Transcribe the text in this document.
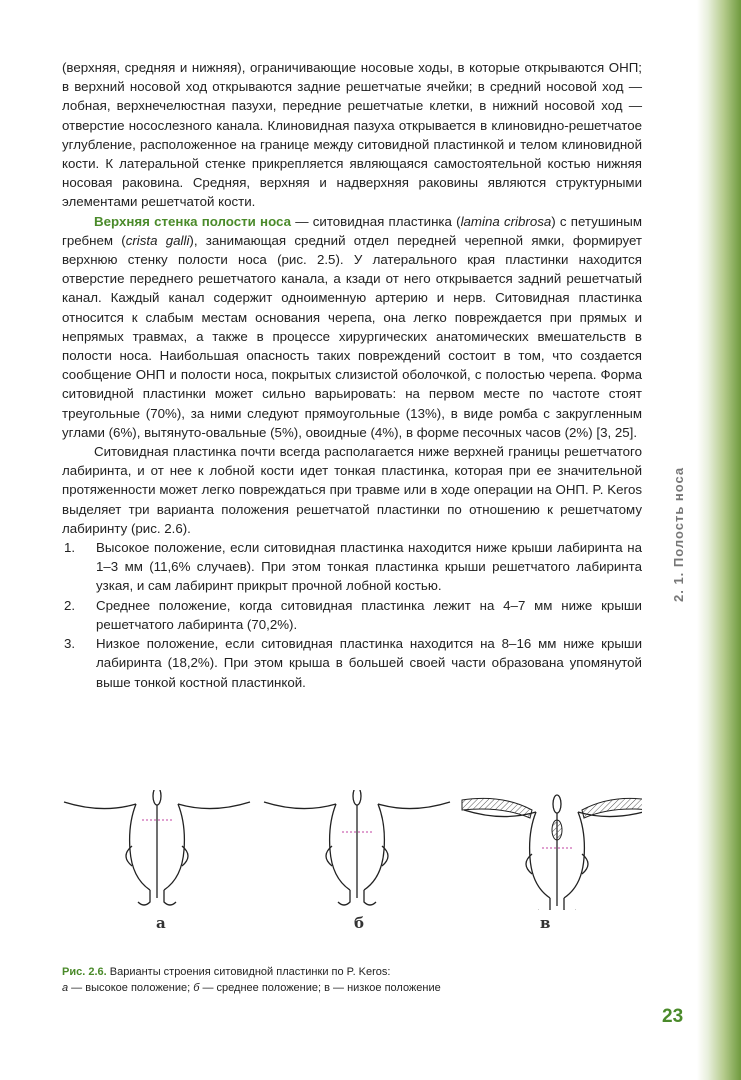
2. 1. Полость носа

(верхняя, средняя и нижняя), ограничивающие носовые ходы, в которые открываются ОНП; в верхний носовой ход открываются задние решетчатые ячейки; в средний носовой ход — лобная, верхнечелюстная пазухи, передние решетчатые клетки, в нижний носовой ход — отверстие носослезного канала. Клиновидная пазуха открывается в клиновидно-решетчатое углубление, расположенное на границе между ситовидной пластинкой и телом клиновидной кости. К латеральной стенке прикрепляется являющаяся самостоятельной костью нижняя носовая раковина. Средняя, верхняя и надверхняя раковины являются структурными элементами решетчатой кости.

Верхняя стенка полости носа — ситовидная пластинка (lamina cribrosa) с петушиным гребнем (crista galli), занимающая средний отдел передней черепной ямки, формирует верхнюю стенку полости носа (рис. 2.5). У латерального края пластинки находится отверстие переднего решетчатого канала, а кзади от него открывается задний решетчатый канал. Каждый канал содержит одноименную артерию и нерв. Ситовидная пластинка относится к слабым местам основания черепа, она легко повреждается при прямых и непрямых травмах, а также в процессе хирургических анатомических вмешательств в полости носа. Наибольшая опасность таких повреждений состоит в том, что создается сообщение ОНП и полости носа, покрытых слизистой оболочкой, с полостью черепа. Форма ситовидной пластинки может сильно варьировать: на первом месте по частоте стоят треугольные (70%), за ними следуют прямоугольные (13%), в виде ромба с закругленным углами (6%), вытянуто-овальные (5%), овоидные (4%), в форме песочных часов (2%) [3, 25].

Ситовидная пластинка почти всегда располагается ниже верхней границы решетчатого лабиринта, и от нее к лобной кости идет тонкая пластинка, которая при ее значительной протяженности может легко повреждаться при травме или в ходе операции на ОНП. P. Keros выделяет три варианта положения решетчатой пластинки по отношению к решетчатому лабиринту (рис. 2.6).

1. Высокое положение, если ситовидная пластинка находится ниже крыши лабиринта на 1–3 мм (11,6% случаев). При этом тонкая пластинка крыши решетчатого лабиринта узкая, и сам лабиринт прикрыт прочной лобной костью.
2. Среднее положение, когда ситовидная пластинка лежит на 4–7 мм ниже крыши решетчатого лабиринта (70,2%).
3. Низкое положение, если ситовидная пластинка находится на 8–16 мм ниже крыши лабиринта (18,2%). При этом крыша в большей своей части образована упомянутой выше тонкой костной пластинкой.
а	б	в
Рис. 2.6. Варианты строения ситовидной пластинки по P. Keros:
а — высокое положение; б — среднее положение; в — низкое положение
23
